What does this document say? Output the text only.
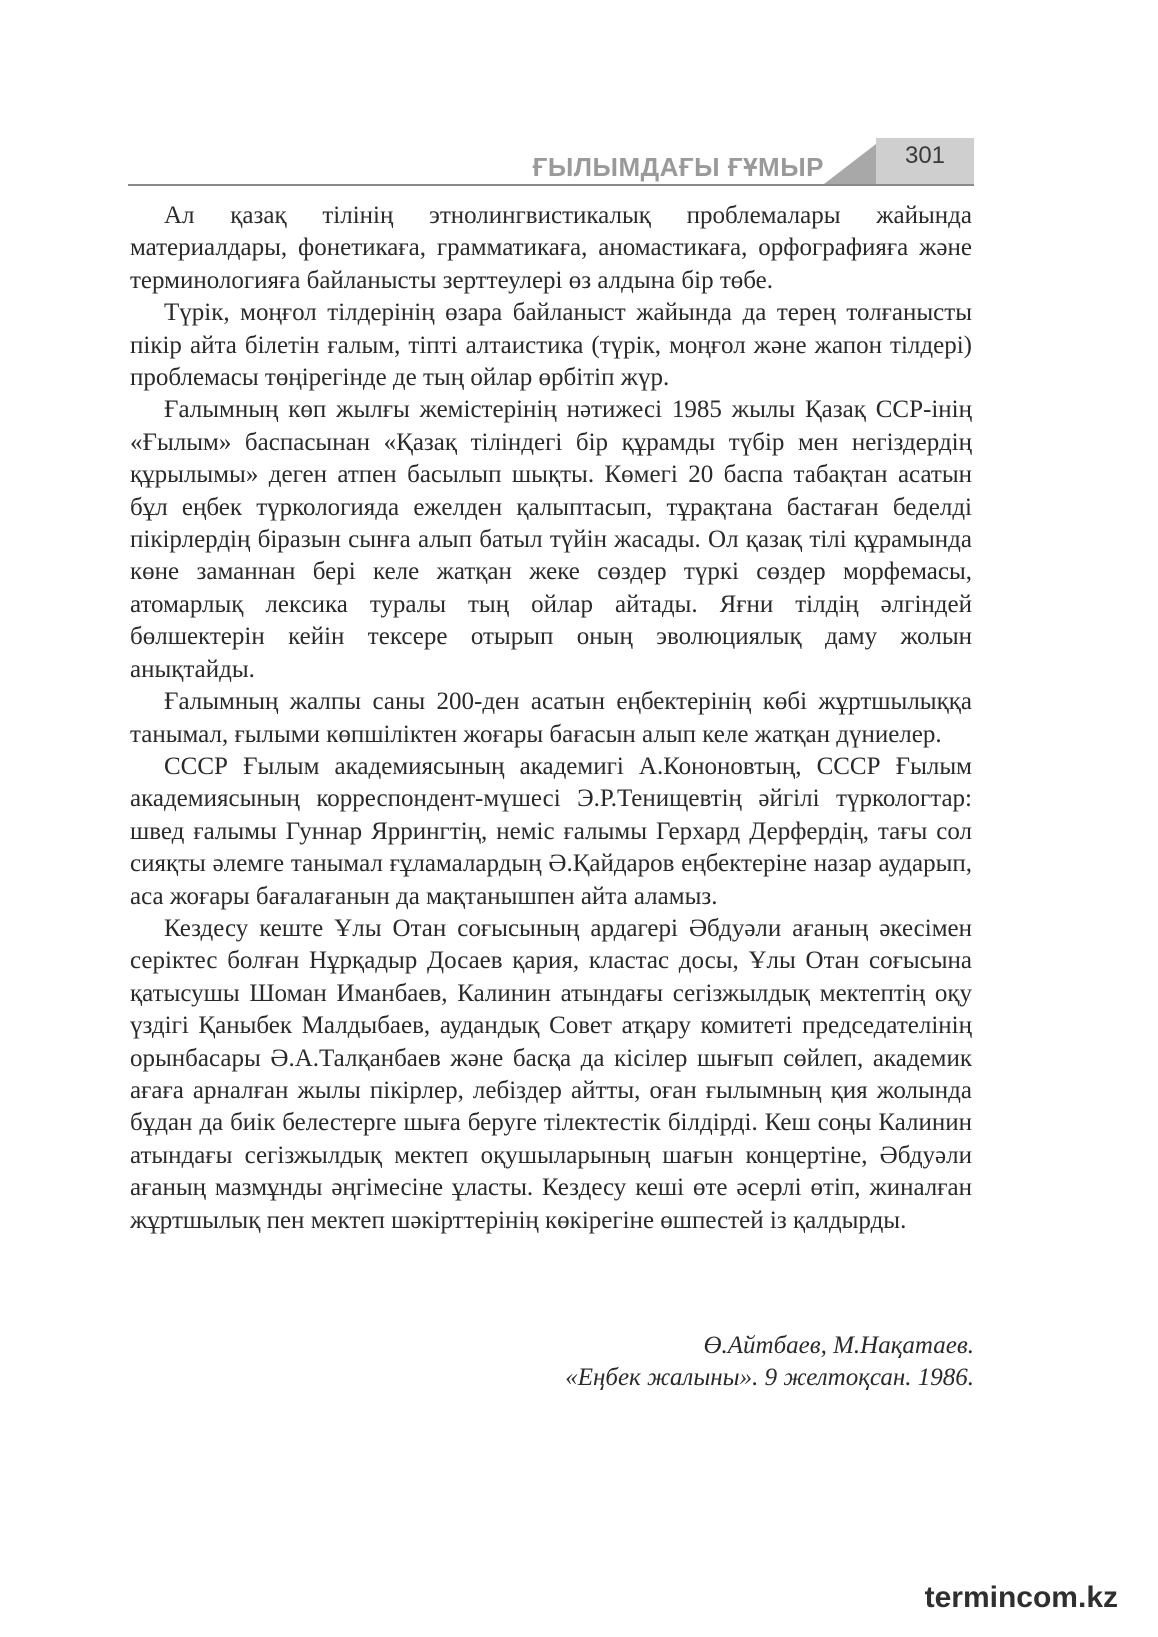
ҒЫЛЫМДАҒЫ ҒҰМЫР	301

Ал қазақ тілінің этнолингвистикалық проблемалары жайында материалдары, фонетикаға, грамматикаға, аномастикаға, орфографияға және терминологияға байланысты зерттеулері өз алдына бір төбе.

Түрік, моңғол тілдерінің өзара байланыст жайында да терең толғанысты пікір айта білетін ғалым, тіпті алтаистика (түрік, моңғол және жапон тілдері) проблемасы төңірегінде де тың ойлар өрбітіп жүр.

Ғалымның көп жылғы жемістерінің нәтижесі 1985 жылы Қазақ ССР-інің «Ғылым» баспасынан «Қазақ тіліндегі бір құрамды түбір мен негіздердің құрылымы» деген атпен басылып шықты. Көмегі 20 баспа табақтан асатын бұл еңбек түркологияда ежелден қалыптасып, тұрақтана бастаған беделді пікірлердің біразын сынға алып батыл түйін жасады. Ол қазақ тілі құрамында көне заманнан бері келе жатқан жеке сөздер түркі сөздер морфемасы, атомарлық лексика туралы тың ойлар айтады. Яғни тілдің әлгіндей бөлшектерін кейін тексере отырып оның эволюциялық даму жолын анықтайды.

Ғалымның жалпы саны 200-ден асатын еңбектерінің көбі жұртшылыққа танымал, ғылыми көпшіліктен жоғары бағасын алып келе жатқан дүниелер.

СССР Ғылым академиясының академигі А.Кононовтың, СССР Ғылым академиясының корреспондент-мүшесі Э.Р.Тенищевтің әйгілі түркологтар: швед ғалымы Гуннар Яррингтің, неміс ғалымы Герхард Дерфердің, тағы сол сияқты әлемге танымал ғұламалардың Ә.Қайдаров еңбектеріне назар аударып, аса жоғары бағалағанын да мақтанышпен айта аламыз.

Кездесу кеште Ұлы Отан соғысының ардагері Әбдуәли ағаның әкесімен серіктес болған Нұрқадыр Досаев қария, кластас досы, Ұлы Отан соғысына қатысушы Шоман Иманбаев, Калинин атындағы сегізжылдық мектептің оқу үздігі Қаныбек Малдыбаев, аудандық Совет атқару комитеті председателінің орынбасары Ә.А.Талқанбаев және басқа да кісілер шығып сөйлеп, академик ағаға арналған жылы пікірлер, лебіздер айтты, оған ғылымның қия жолында бұдан да биік белестерге шыға беруге тілектестік білдірді. Кеш соңы Калинин атындағы сегізжылдық мектеп оқушыларының шағын концертіне, Әбдуәли ағаның мазмұнды әңгімесіне ұласты. Кездесу кеші өте әсерлі өтіп, жиналған жұртшылық пен мектеп шәкірттерінің көкірегіне өшпестей із қалдырды.

Ө.Айтбаев, М.Нақатаев.
«Еңбек жалыны». 9 желтоқсан. 1986.
termincom.kz
